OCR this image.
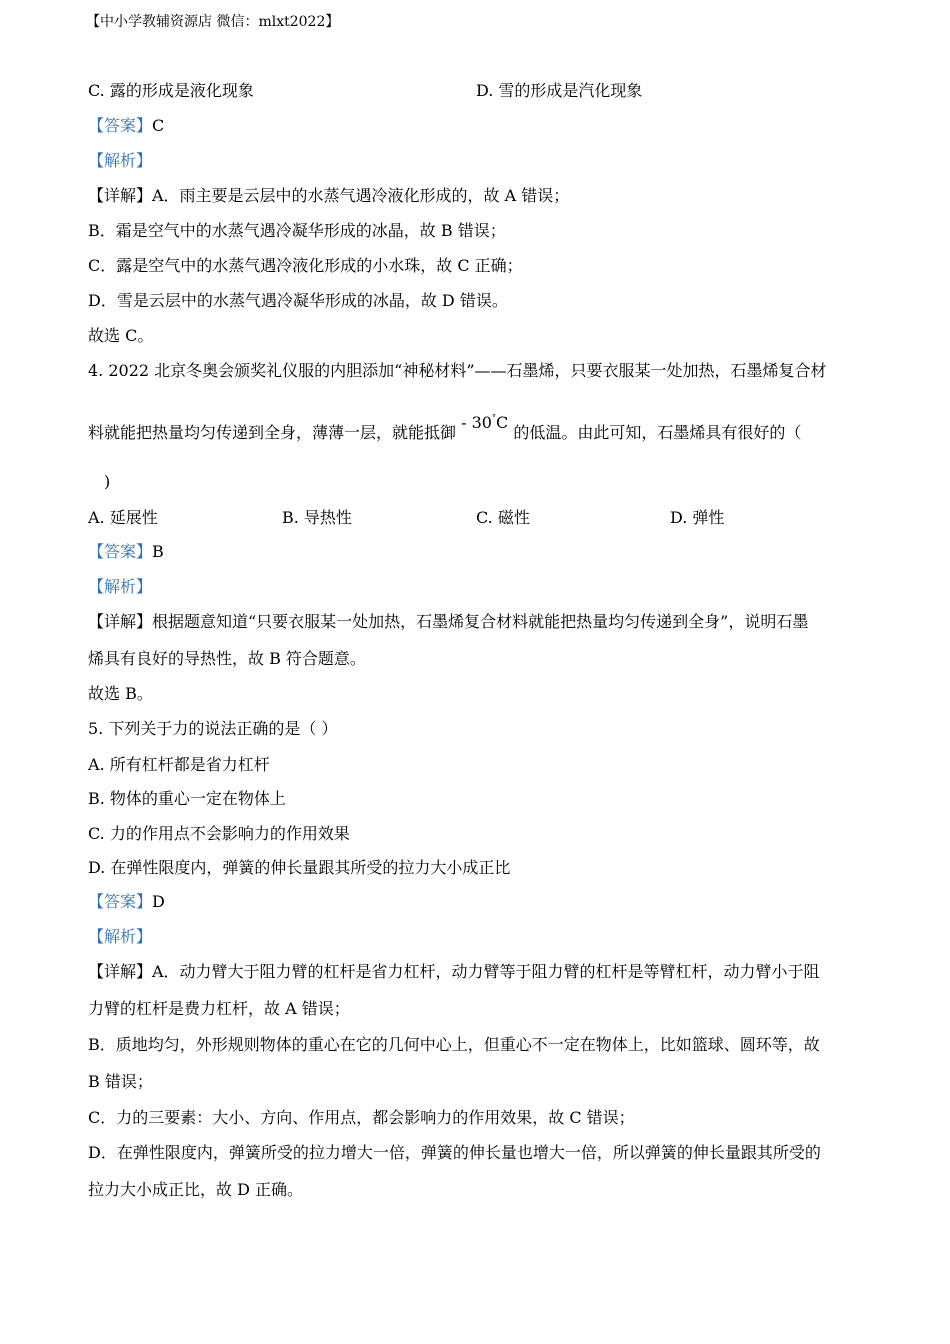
【中小学教辅资源店 微信：mlxt2022】
C. 露的形成是液化现象	D. 雪的形成是汽化现象
【答案】C
【解析】
【详解】A．雨主要是云层中的水蒸气遇冷液化形成的，故 A 错误；
B．霜是空气中的水蒸气遇冷凝华形成的冰晶，故 B 错误；
C．露是空气中的水蒸气遇冷液化形成的小水珠，故 C 正确；
D．雪是云层中的水蒸气遇冷凝华形成的冰晶，故 D 错误。
故选 C。
4. 2022 北京冬奥会颁奖礼仪服的内胆添加“神秘材料”——石墨烯，只要衣服某一处加热，石墨烯复合材
料就能把热量均匀传递到全身，薄薄一层，就能抵御 - 30°C 的低温。由此可知，石墨烯具有很好的（
)
A. 延展性	B. 导热性	C. 磁性	D. 弹性
【答案】B
【解析】
【详解】根据题意知道“只要衣服某一处加热，石墨烯复合材料就能把热量均匀传递到全身”，说明石墨
烯具有良好的导热性，故 B 符合题意。
故选 B。
5. 下列关于力的说法正确的是（ ）
A. 所有杠杆都是省力杠杆
B. 物体的重心一定在物体上
C. 力的作用点不会影响力的作用效果
D. 在弹性限度内，弹簧的伸长量跟其所受的拉力大小成正比
【答案】D
【解析】
【详解】A．动力臂大于阻力臂的杠杆是省力杠杆，动力臂等于阻力臂的杠杆是等臂杠杆，动力臂小于阻
力臂的杠杆是费力杠杆，故 A 错误；
B．质地均匀，外形规则物体的重心在它的几何中心上，但重心不一定在物体上，比如篮球、圆环等，故
B 错误；
C．力的三要素：大小、方向、作用点，都会影响力的作用效果，故 C 错误；
D．在弹性限度内，弹簧所受的拉力增大一倍，弹簧的伸长量也增大一倍，所以弹簧的伸长量跟其所受的
拉力大小成正比，故 D 正确。
